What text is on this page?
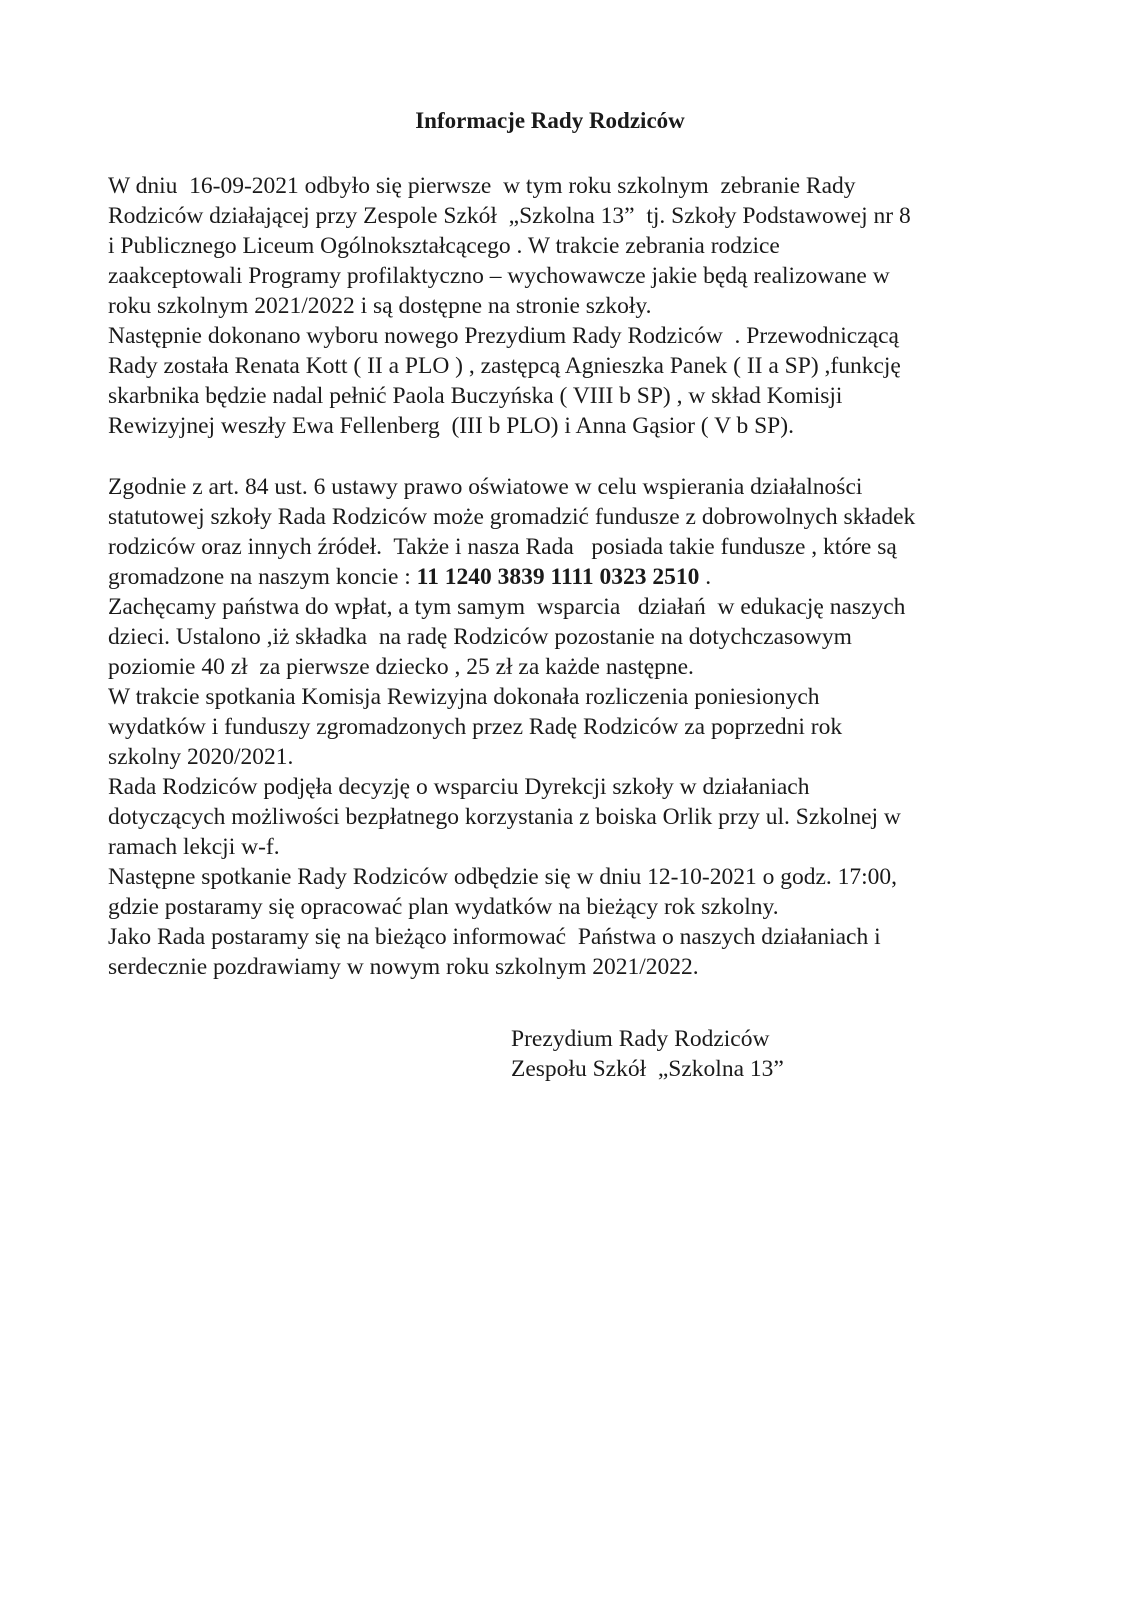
Informacje Rady Rodziców

W dniu  16-09-2021 odbyło się pierwsze  w tym roku szkolnym  zebranie Rady

Rodziców działającej przy Zespole Szkół  „Szkolna 13”  tj. Szkoły Podstawowej nr 8

i Publicznego Liceum Ogólnokształcącego . W trakcie zebrania rodzice

zaakceptowali Programy profilaktyczno – wychowawcze jakie będą realizowane w

roku szkolnym 2021/2022 i są dostępne na stronie szkoły.

Następnie dokonano wyboru nowego Prezydium Rady Rodziców  . Przewodniczącą

Rady została Renata Kott ( II a PLO ) , zastępcą Agnieszka Panek ( II a SP) ,funkcję

skarbnika będzie nadal pełnić Paola Buczyńska ( VIII b SP) , w skład Komisji

Rewizyjnej weszły Ewa Fellenberg  (III b PLO) i Anna Gąsior ( V b SP).

Zgodnie z art. 84 ust. 6 ustawy prawo oświatowe w celu wspierania działalności

statutowej szkoły Rada Rodziców może gromadzić fundusze z dobrowolnych składek

rodziców oraz innych źródeł.  Także i nasza Rada   posiada takie fundusze , które są

gromadzone na naszym koncie : 11 1240 3839 1111 0323 2510 .

Zachęcamy państwa do wpłat, a tym samym  wsparcia   działań  w edukację naszych

dzieci. Ustalono ,iż składka  na radę Rodziców pozostanie na dotychczasowym

poziomie 40 zł  za pierwsze dziecko , 25 zł za każde następne.

W trakcie spotkania Komisja Rewizyjna dokonała rozliczenia poniesionych

wydatków i funduszy zgromadzonych przez Radę Rodziców za poprzedni rok

szkolny 2020/2021.

Rada Rodziców podjęła decyzję o wsparciu Dyrekcji szkoły w działaniach

dotyczących możliwości bezpłatnego korzystania z boiska Orlik przy ul. Szkolnej w

ramach lekcji w-f.

Następne spotkanie Rady Rodziców odbędzie się w dniu 12-10-2021 o godz. 17:00,

gdzie postaramy się opracować plan wydatków na bieżący rok szkolny.

Jako Rada postaramy się na bieżąco informować  Państwa o naszych działaniach i

serdecznie pozdrawiamy w nowym roku szkolnym 2021/2022.

Prezydium Rady Rodziców

Zespołu Szkół  „Szkolna 13”
